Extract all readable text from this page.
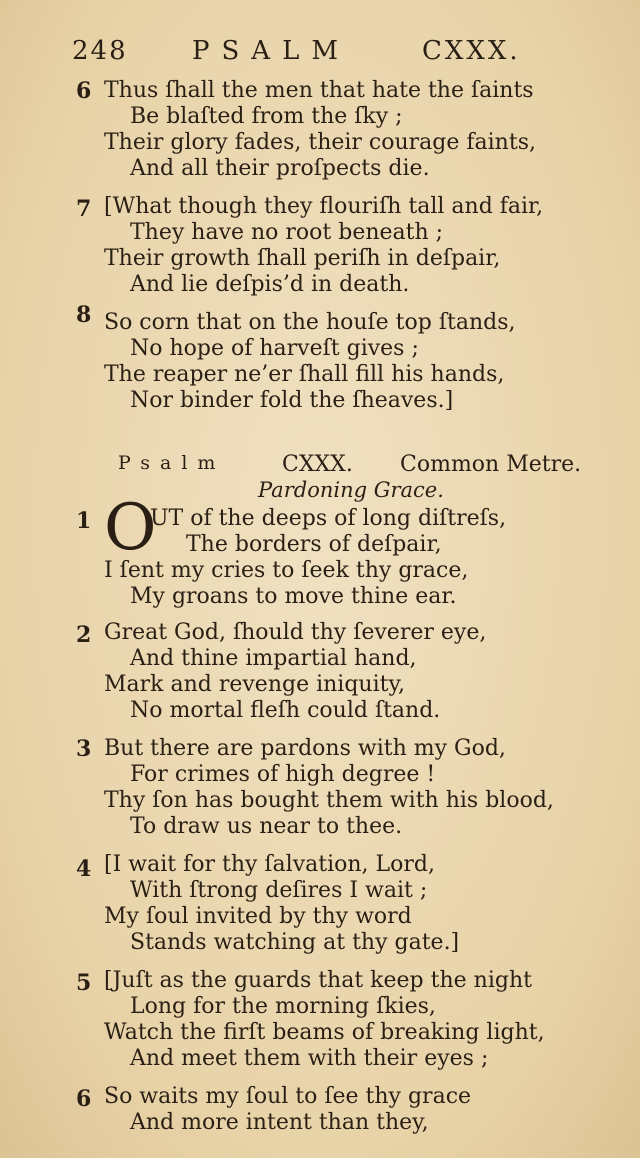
248 PSALM	CXXX.
6 Thus ſhall the men that hate the ſaints
Be blaſted from the ſky ;
Their glory fades, their courage faints,
And all their proſpects die.
7 [What though they flouriſh tall and fair,
They have no root beneath ;
Their growth ſhall periſh in deſpair,
And lie deſpis’d in death.
8 So corn that on the houſe top ſtands,
No hope of harveſt gives ;
The reaper ne’er ſhall fill his hands,
Nor binder fold the ſheaves.]
Psalm	CXXX. Common Metre.
Pardoning Grace.
1 O
UT of the deeps of long diſtreſs,
The borders of deſpair,
I ſent my cries to ſeek thy grace,
My groans to move thine ear.
2 Great God, ſhould thy ſeverer eye,
And thine impartial hand,
Mark and revenge iniquity,
No mortal fleſh could ſtand.
3 But there are pardons with my God,
For crimes of high degree !
Thy ſon has bought them with his blood,
To draw us near to thee.
4 [I wait for thy ſalvation, Lord,
With ſtrong deſires I wait ;
My ſoul invited by thy word
Stands watching at thy gate.]
5 [Juſt as the guards that keep the night
Long for the morning ſkies,
Watch the firſt beams of breaking light,
And meet them with their eyes ;
6 So waits my ſoul to ſee thy grace
And more intent than they,
